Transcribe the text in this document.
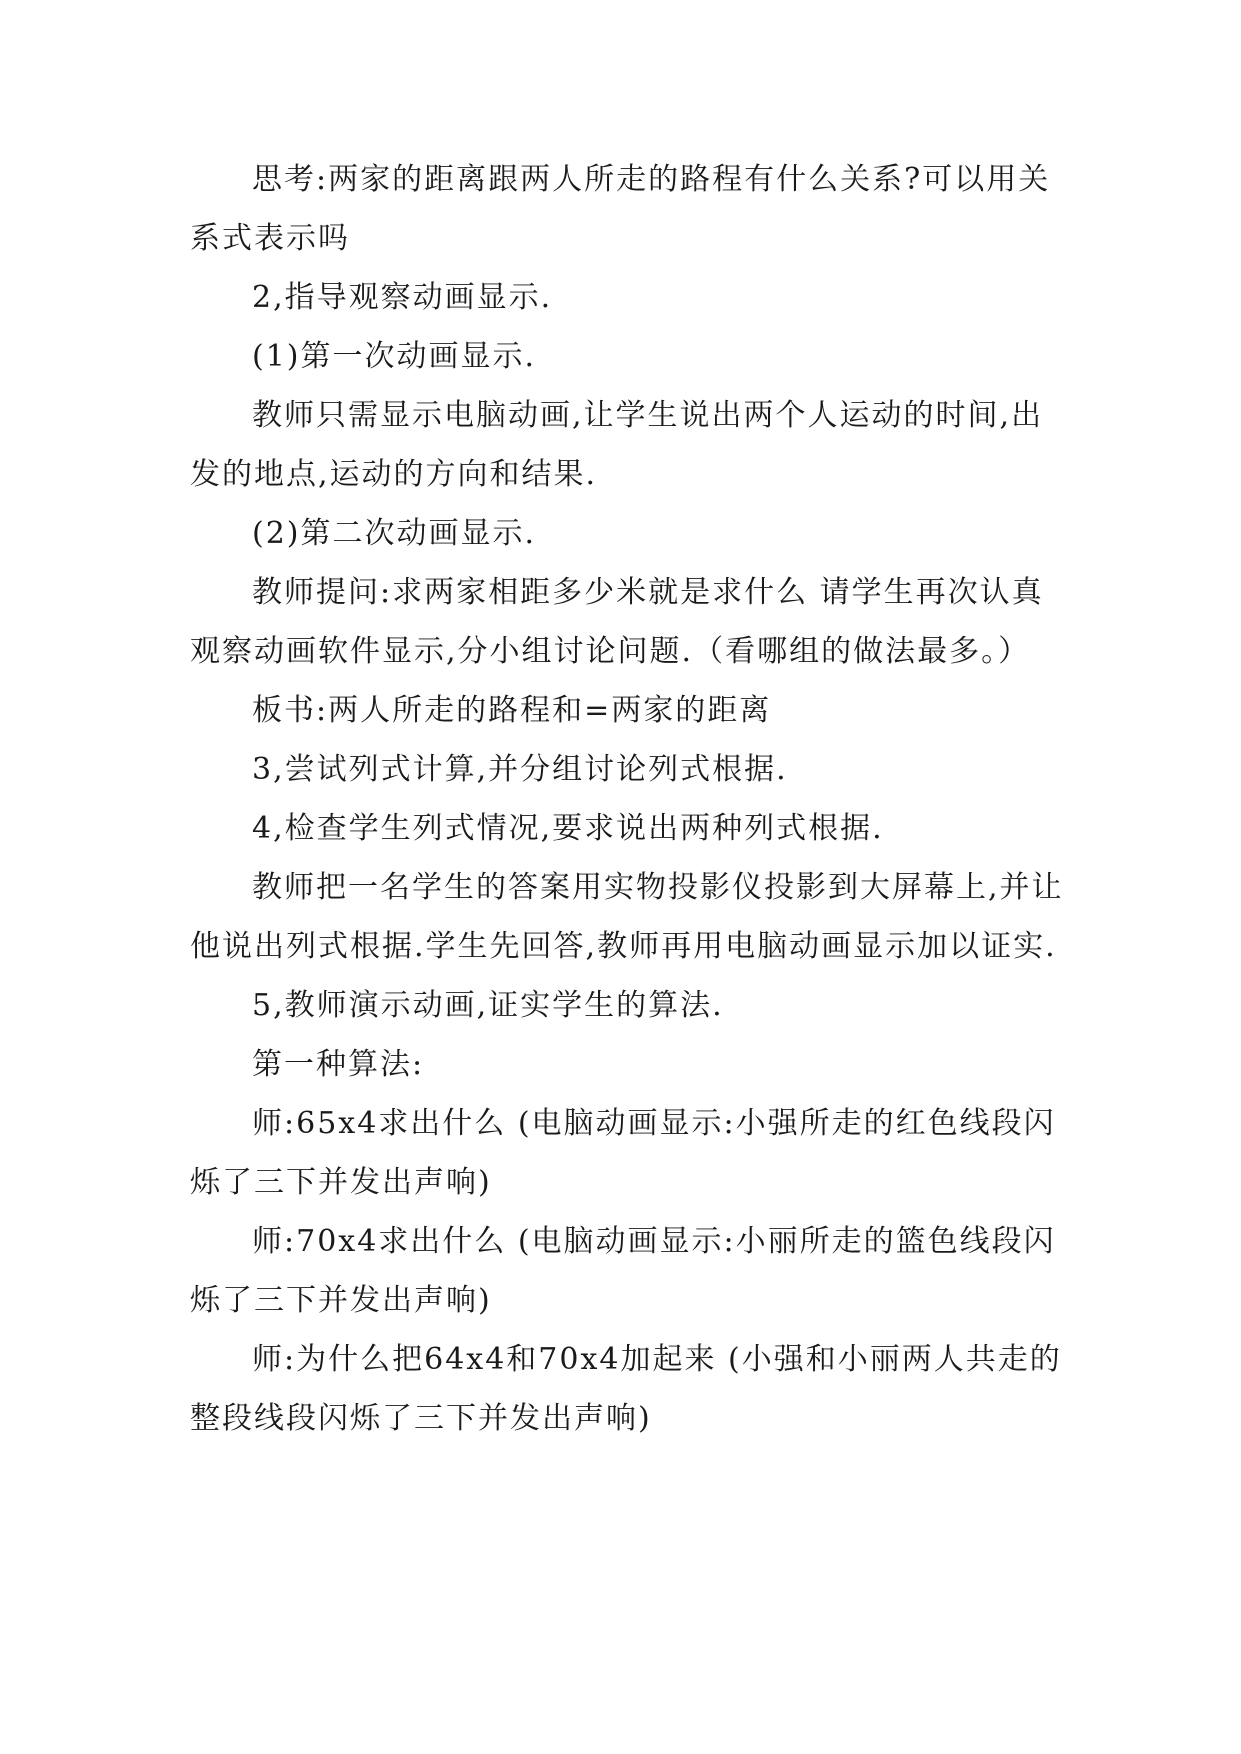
思考:两家的距离跟两人所走的路程有什么关系?可以用关系式表示吗

2,指导观察动画显示.

(1)第一次动画显示.

教师只需显示电脑动画,让学生说出两个人运动的时间,出发的地点,运动的方向和结果.

(2)第二次动画显示.

教师提问:求两家相距多少米就是求什么 请学生再次认真观察动画软件显示,分小组讨论问题.（看哪组的做法最多。）

板书:两人所走的路程和=两家的距离

3,尝试列式计算,并分组讨论列式根据.

4,检查学生列式情况,要求说出两种列式根据.

教师把一名学生的答案用实物投影仪投影到大屏幕上,并让他说出列式根据.学生先回答,教师再用电脑动画显示加以证实.

5,教师演示动画,证实学生的算法.

第一种算法:

师:65x4求出什么 (电脑动画显示:小强所走的红色线段闪烁了三下并发出声响)

师:70x4求出什么 (电脑动画显示:小丽所走的篮色线段闪烁了三下并发出声响)

师:为什么把64x4和70x4加起来 (小强和小丽两人共走的整段线段闪烁了三下并发出声响)
